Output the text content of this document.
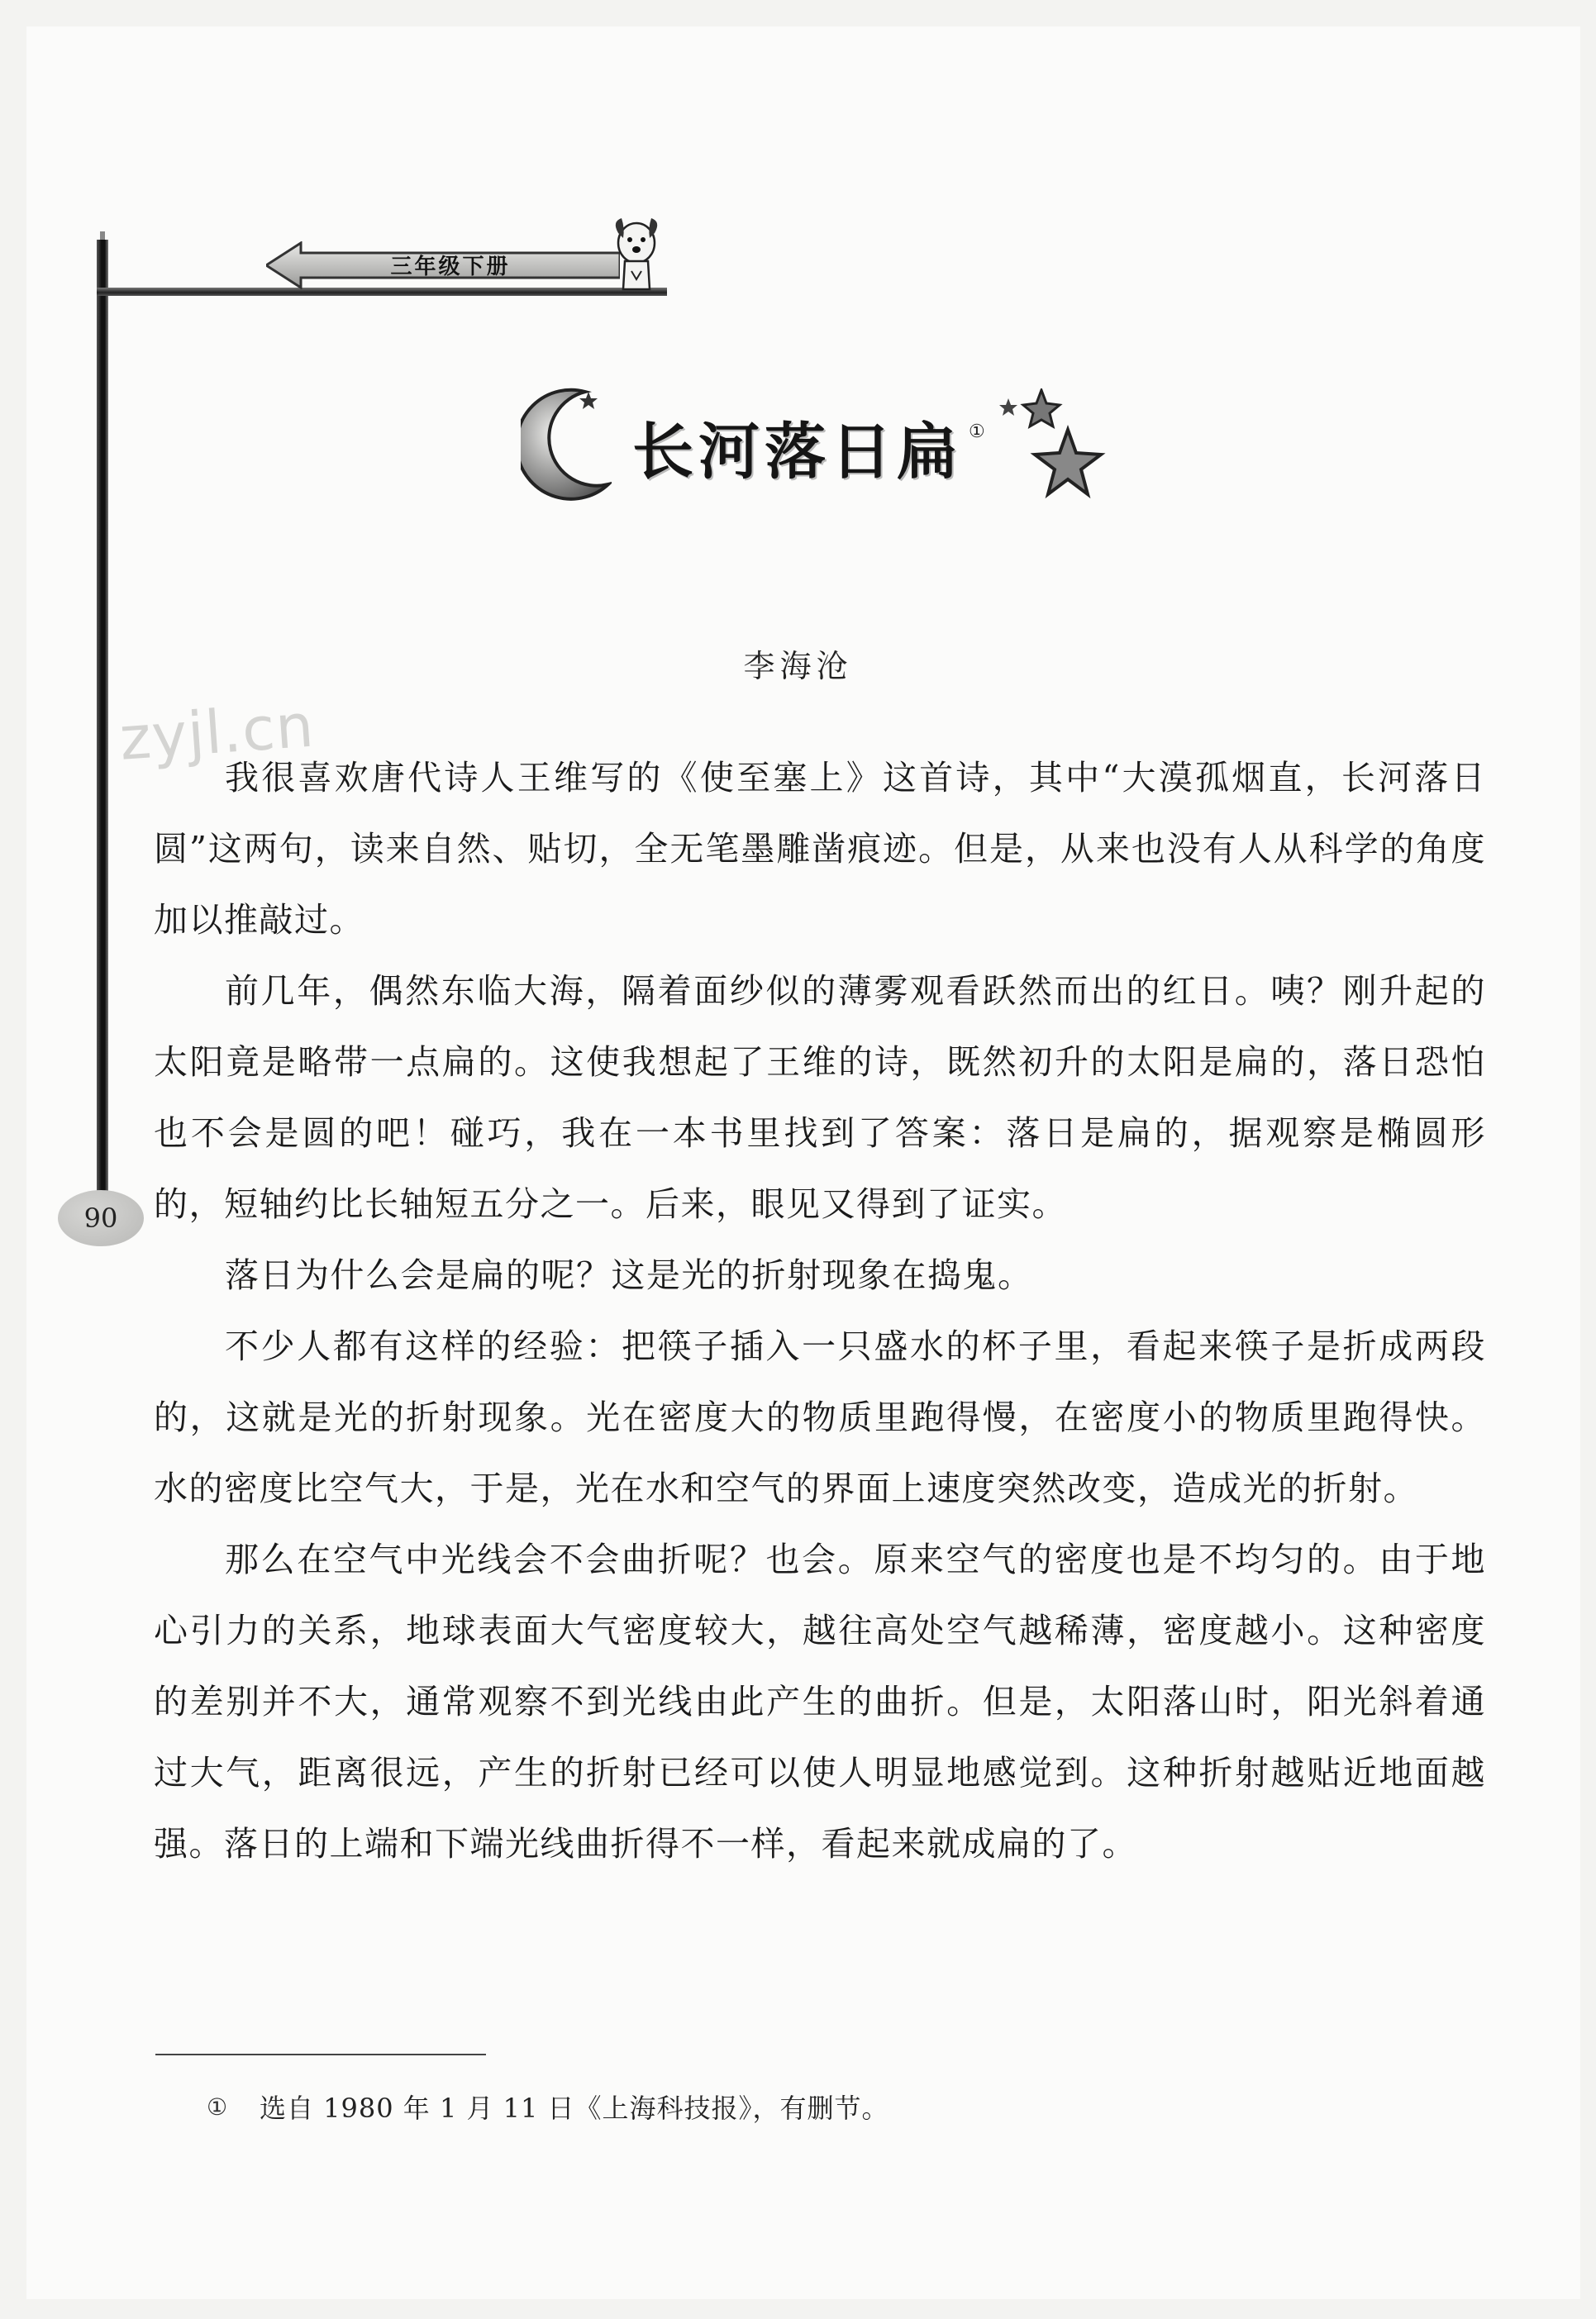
三年级下册
长河落日扁 ①
李海沧
zyjl.cn

我很喜欢唐代诗人王维写的《使至塞上》这首诗，其中“大漠孤烟直，长河落日圆”这两句，读来自然、贴切，全无笔墨雕凿痕迹。但是，从来也没有人从科学的角度加以推敲过。

前几年，偶然东临大海，隔着面纱似的薄雾观看跃然而出的红日。咦？刚升起的太阳竟是略带一点扁的。这使我想起了王维的诗，既然初升的太阳是扁的，落日恐怕也不会是圆的吧！碰巧，我在一本书里找到了答案：落日是扁的，据观察是椭圆形的，短轴约比长轴短五分之一。后来，眼见又得到了证实。

落日为什么会是扁的呢？这是光的折射现象在捣鬼。

不少人都有这样的经验：把筷子插入一只盛水的杯子里，看起来筷子是折成两段的，这就是光的折射现象。光在密度大的物质里跑得慢，在密度小的物质里跑得快。水的密度比空气大，于是，光在水和空气的界面上速度突然改变，造成光的折射。

那么在空气中光线会不会曲折呢？也会。原来空气的密度也是不均匀的。由于地心引力的关系，地球表面大气密度较大，越往高处空气越稀薄，密度越小。这种密度的差别并不大，通常观察不到光线由此产生的曲折。但是，太阳落山时，阳光斜着通过大气，距离很远，产生的折射已经可以使人明显地感觉到。这种折射越贴近地面越强。落日的上端和下端光线曲折得不一样，看起来就成扁的了。

90
① 选自 1980 年 1 月 11 日《上海科技报》，有删节。
